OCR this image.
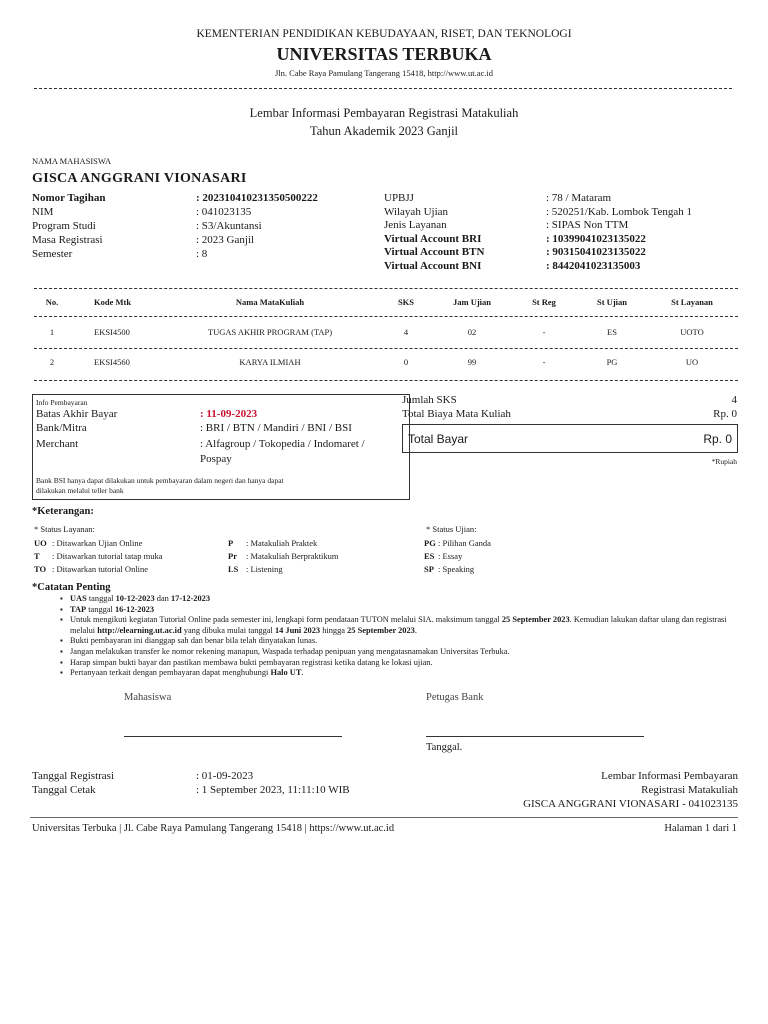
KEMENTERIAN PENDIDIKAN KEBUDAYAAN, RISET, DAN TEKNOLOGI
UNIVERSITAS TERBUKA
Jln. Cabe Raya Pamulang Tangerang 15418, http://www.ut.ac.id
Lembar Informasi Pembayaran Registrasi Matakuliah
Tahun Akademik 2023 Ganjil
NAMA MAHASISWA
GISCA ANGGRANI VIONASARI
Nomor Tagihan	: 202310410231350500222
NIM	: 041023135
Program Studi	: S3/Akuntansi
Masa Registrasi	: 2023 Ganjil
Semester	: 8
UPBJJ	: 78 / Mataram
Wilayah Ujian	: 520251/Kab. Lombok Tengah 1
Jenis Layanan	: SIPAS Non TTM
Virtual Account BRI	: 10399041023135022
Virtual Account BTN	: 90315041023135022
Virtual Account BNI	: 8442041023135003
No.	Kode Mtk	Nama MataKuliah	SKS	Jam Ujian	St Reg	St Ujian	St Layanan
1	EKSI4500	TUGAS AKHIR PROGRAM (TAP)	4	02	-	ES	UOTO
2	EKSI4560	KARYA ILMIAH	0	99	-	PG	UO
Info Pembayaran
Batas Akhir Bayar	: 11-09-2023
Bank/Mitra	: BRI / BTN / Mandiri / BNI / BSI
Merchant	: Alfagroup / Tokopedia / Indomaret /
Pospay
Bank BSI hanya dapat dilakukan untuk pembayaran dalam negeri dan hanya dapat
dilakukan melalui teller bank
Jumlah SKS	4
Total Biaya Mata Kuliah	Rp. 0
Total Bayar	Rp. 0
*Rupiah
*Keterangan:
* Status Layanan:	* Status Ujian:
UO : Ditawarkan Ujian Online
T : Ditawarkan tutorial tatap muka
TO : Ditawarkan tutorial Online
P : Matakuliah Praktek
Pr : Matakuliah Berpraktikum
LS : Listening
PG : Pilihan Ganda
ES : Essay
SP : Speaking
*Catatan Penting
▪ UAS tanggal 10-12-2023 dan 17-12-2023
▪ TAP tanggal 16-12-2023
▪ Untuk mengikuti kegiatan Tutorial Online pada semester ini, lengkapi form pendataan TUTON melalui SIA. maksimum tanggal 25 September 2023. Kemudian lakukan daftar ulang dan registrasi melalui http://elearning.ut.ac.id yang dibuka mulai tanggal 14 Juni 2023 hingga 25 September 2023.
▪ Bukti pembayaran ini dianggap sah dan benar bila telah dinyatakan lunas.
▪ Jangan melakukan transfer ke nomor rekening manapun, Waspada terhadap penipuan yang mengatasnamakan Universitas Terbuka.
▪ Harap simpan bukti bayar dan pastikan membawa bukti pembayaran registrasi ketika datang ke lokasi ujian.
▪ Pertanyaan terkait dengan pembayaran dapat menghubungi Halo UT.
Mahasiswa	Petugas Bank
Tanggal.
Tanggal Registrasi	: 01-09-2023
Tanggal Cetak	: 1 September 2023, 11:11:10 WIB
Lembar Informasi Pembayaran
Registrasi Matakuliah
GISCA ANGGRANI VIONASARI - 041023135
Universitas Terbuka | Jl. Cabe Raya Pamulang Tangerang 15418 | https://www.ut.ac.id	Halaman 1 dari 1
